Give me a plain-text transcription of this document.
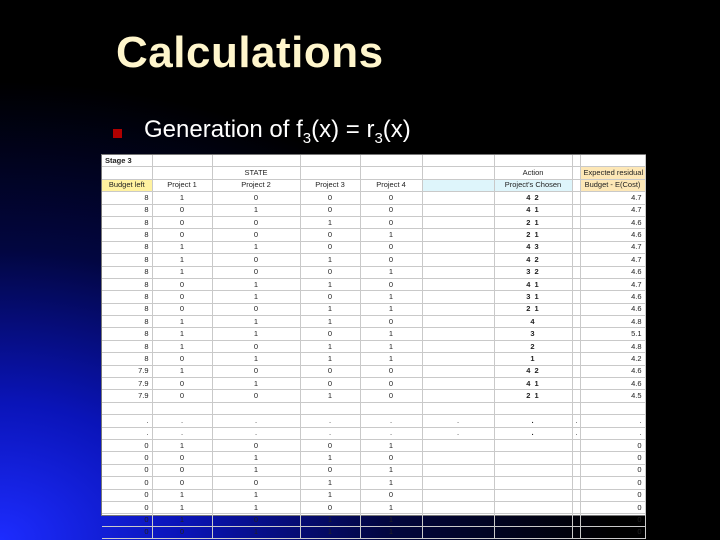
Calculations
Generation of $f_3(x) = r_3(x)$
Stage 3								
		STATE				Action		Expected residual
Budget left	Project 1	Project 2	Project 3	Project 4		Project's Chosen		Budget - E(Cost)
8	1	0	0	0		4 2		4.7
8	0	1	0	0		4 1		4.7
8	0	0	1	0		2 1		4.6
8	0	0	0	1		2 1		4.6
8	1	1	0	0		4 3		4.7
8	1	0	1	0		4 2		4.7
8	1	0	0	1		3 2		4.6
8	0	1	1	0		4 1		4.7
8	0	1	0	1		3 1		4.6
8	0	0	1	1		2 1		4.6
8	1	1	1	0		4		4.8
8	1	1	0	1		3		5.1
8	1	0	1	1		2		4.8
8	0	1	1	1		1		4.2
7.9	1	0	0	0		4 2		4.6
7.9	0	1	0	0		4 1		4.6
7.9	0	0	1	0		2 1		4.5

.	.	.	.	.	.	.	.	.
.	.	.	.	.	.	.	.	.
0	1	0	0	1				0
0	0	1	1	0				0
0	0	1	0	1				0
0	0	0	1	1				0
0	1	1	1	0				0
0	1	1	0	1				0
0	1	0	1	1				0
0	0	1	1	1				0
